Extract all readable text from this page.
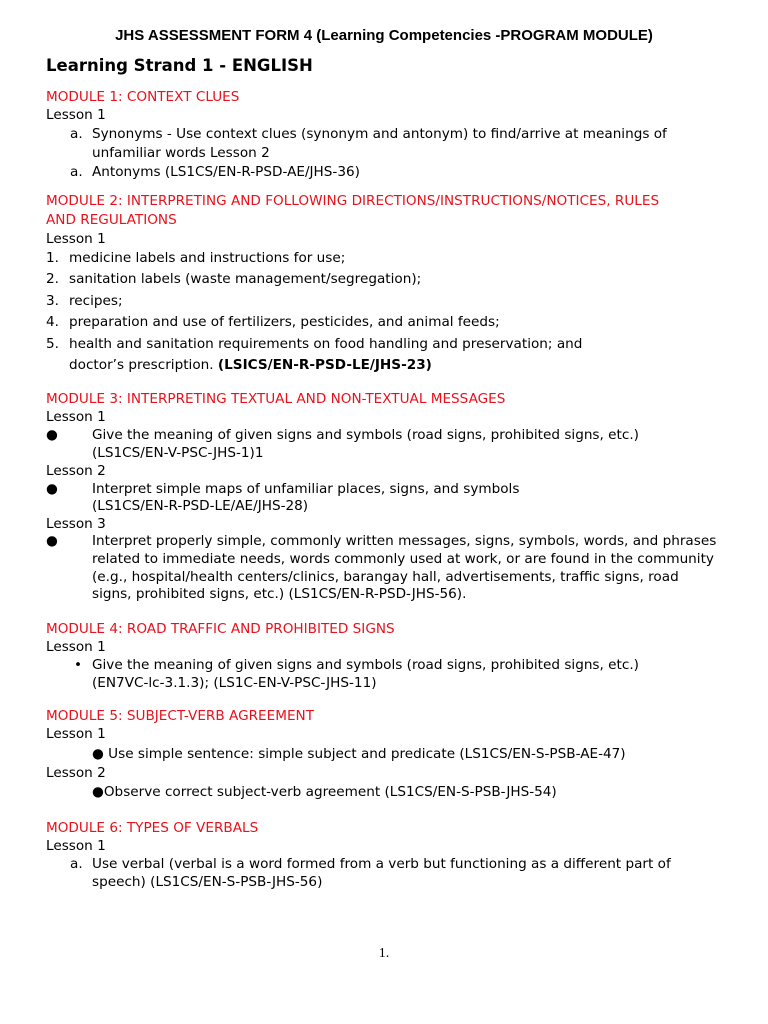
JHS ASSESSMENT FORM 4 (Learning Competencies -PROGRAM MODULE)
Learning Strand 1 - ENGLISH
MODULE 1: CONTEXT CLUES
Lesson 1
a. Synonyms - Use context clues (synonym and antonym) to find/arrive at meanings of
unfamiliar words Lesson 2
a. Antonyms (LS1CS/EN-R-PSD-AE/JHS-36)
MODULE 2: INTERPRETING AND FOLLOWING DIRECTIONS/INSTRUCTIONS/NOTICES, RULES
AND REGULATIONS
Lesson 1
1. medicine labels and instructions for use;
2. sanitation labels (waste management/segregation);
3. recipes;
4. preparation and use of fertilizers, pesticides, and animal feeds;
5. health and sanitation requirements on food handling and preservation; and
doctor’s prescription. (LSICS/EN-R-PSD-LE/JHS-23)
MODULE 3: INTERPRETING TEXTUAL AND NON-TEXTUAL MESSAGES
Lesson 1
●	Give the meaning of given signs and symbols (road signs, prohibited signs, etc.)
(LS1CS/EN-V-PSC-JHS-1)1
Lesson 2
●	Interpret simple maps of unfamiliar places, signs, and symbols
(LS1CS/EN-R-PSD-LE/AE/JHS-28)
Lesson 3
●	Interpret properly simple, commonly written messages, signs, symbols, words, and phrases
related to immediate needs, words commonly used at work, or are found in the community
(e.g., hospital/health centers/clinics, barangay hall, advertisements, traffic signs, road
signs, prohibited signs, etc.) (LS1CS/EN-R-PSD-JHS-56).
MODULE 4: ROAD TRAFFIC AND PROHIBITED SIGNS
Lesson 1
• Give the meaning of given signs and symbols (road signs, prohibited signs, etc.)
(EN7VC-lc-3.1.3); (LS1C-EN-V-PSC-JHS-11)
MODULE 5: SUBJECT-VERB AGREEMENT
Lesson 1
● Use simple sentence: simple subject and predicate (LS1CS/EN-S-PSB-AE-47)
Lesson 2
●Observe correct subject-verb agreement (LS1CS/EN-S-PSB-JHS-54)
MODULE 6: TYPES OF VERBALS
Lesson 1
a. Use verbal (verbal is a word formed from a verb but functioning as a different part of
speech) (LS1CS/EN-S-PSB-JHS-56)
1.
